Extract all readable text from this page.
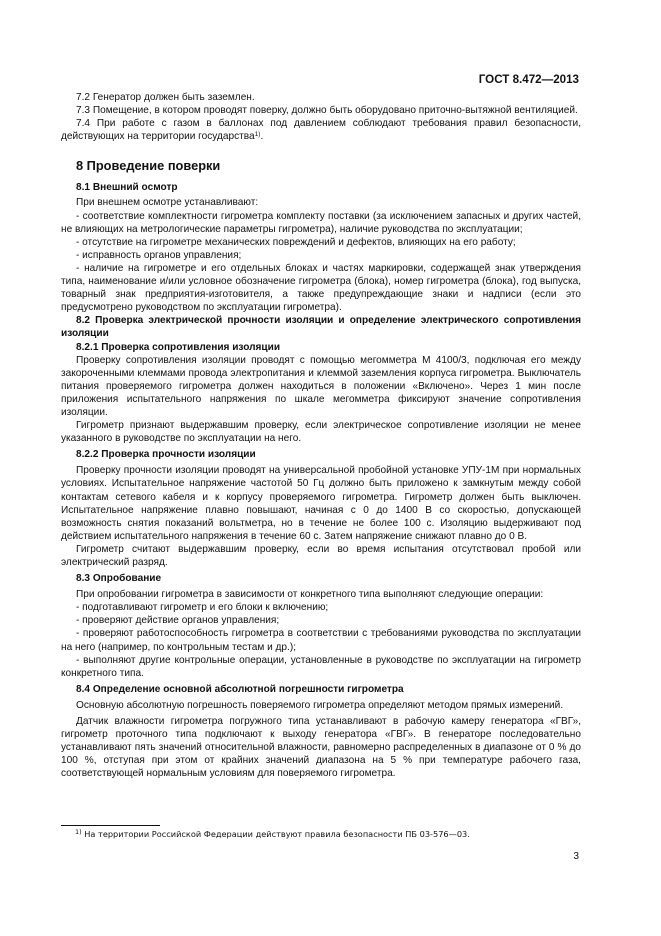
ГОСТ 8.472—2013

7.2 Генератор должен быть заземлен.

7.3 Помещение, в котором проводят поверку, должно быть оборудовано приточно-вытяжной вентиляцией.

7.4 При работе с газом в баллонах под давлением соблюдают требования правил безопасности, действующих на территории государства$^{1)}$.

8 Проведение поверки
8.1 Внешний осмотр

При внешнем осмотре устанавливают:

- соответствие комплектности гигрометра комплекту поставки (за исключением запасных и других частей, не влияющих на метрологические параметры гигрометра), наличие руководства по эксплуатации;

- отсутствие на гигрометре механических повреждений и дефектов, влияющих на его работу;

- исправность органов управления;

- наличие на гигрометре и его отдельных блоках и частях маркировки, содержащей знак утверждения типа, наименование и/или условное обозначение гигрометра (блока), номер гигрометра (блока), год выпуска, товарный знак предприятия-изготовителя, а также предупреждающие знаки и надписи (если это предусмотрено руководством по эксплуатации гигрометра).

8.2 Проверка электрической прочности изоляции и определение электрического сопротивления изоляции

8.2.1 Проверка сопротивления изоляции

Проверку сопротивления изоляции проводят с помощью мегомметра М 4100/3, подключая его между закороченными клеммами провода электропитания и клеммой заземления корпуса гигрометра. Выключатель питания проверяемого гигрометра должен находиться в положении «Включено». Через 1 мин после приложения испытательного напряжения по шкале мегомметра фиксируют значение сопротивления изоляции.

Гигрометр признают выдержавшим проверку, если электрическое сопротивление изоляции не менее указанного в руководстве по эксплуатации на него.

8.2.2 Проверка прочности изоляции

Проверку прочности изоляции проводят на универсальной пробойной установке УПУ-1М при нормальных условиях. Испытательное напряжение частотой 50 Гц должно быть приложено к замкнутым между собой контактам сетевого кабеля и к корпусу проверяемого гигрометра. Гигрометр должен быть выключен. Испытательное напряжение плавно повышают, начиная с 0 до 1400 В со скоростью, допускающей возможность снятия показаний вольтметра, но в течение не более 100 с. Изоляцию выдерживают под действием испытательного напряжения в течение 60 с. Затем напряжение снижают плавно до 0 В.

Гигрометр считают выдержавшим проверку, если во время испытания отсутствовал пробой или электрический разряд.

8.3 Опробование

При опробовании гигрометра в зависимости от конкретного типа выполняют следующие операции:

- подготавливают гигрометр и его блоки к включению;

- проверяют действие органов управления;

- проверяют работоспособность гигрометра в соответствии с требованиями руководства по эксплуатации на него (например, по контрольным тестам и др.);

- выполняют другие контрольные операции, установленные в руководстве по эксплуатации на гигрометр конкретного типа.

8.4 Определение основной абсолютной погрешности гигрометра

Основную абсолютную погрешность поверяемого гигрометра определяют методом прямых измерений.

Датчик влажности гигрометра погружного типа устанавливают в рабочую камеру генератора «ГВГ», гигрометр проточного типа подключают к выходу генератора «ГВГ». В генераторе последовательно устанавливают пять значений относительной влажности, равномерно распределенных в диапазоне от 0 % до 100 %, отступая при этом от крайних значений диапазона на 5 % при температуре рабочего газа, соответствующей нормальным условиям для поверяемого гигрометра.

$^{1)}$ На территории Российской Федерации действуют правила безопасности ПБ 03-576—03.
3
